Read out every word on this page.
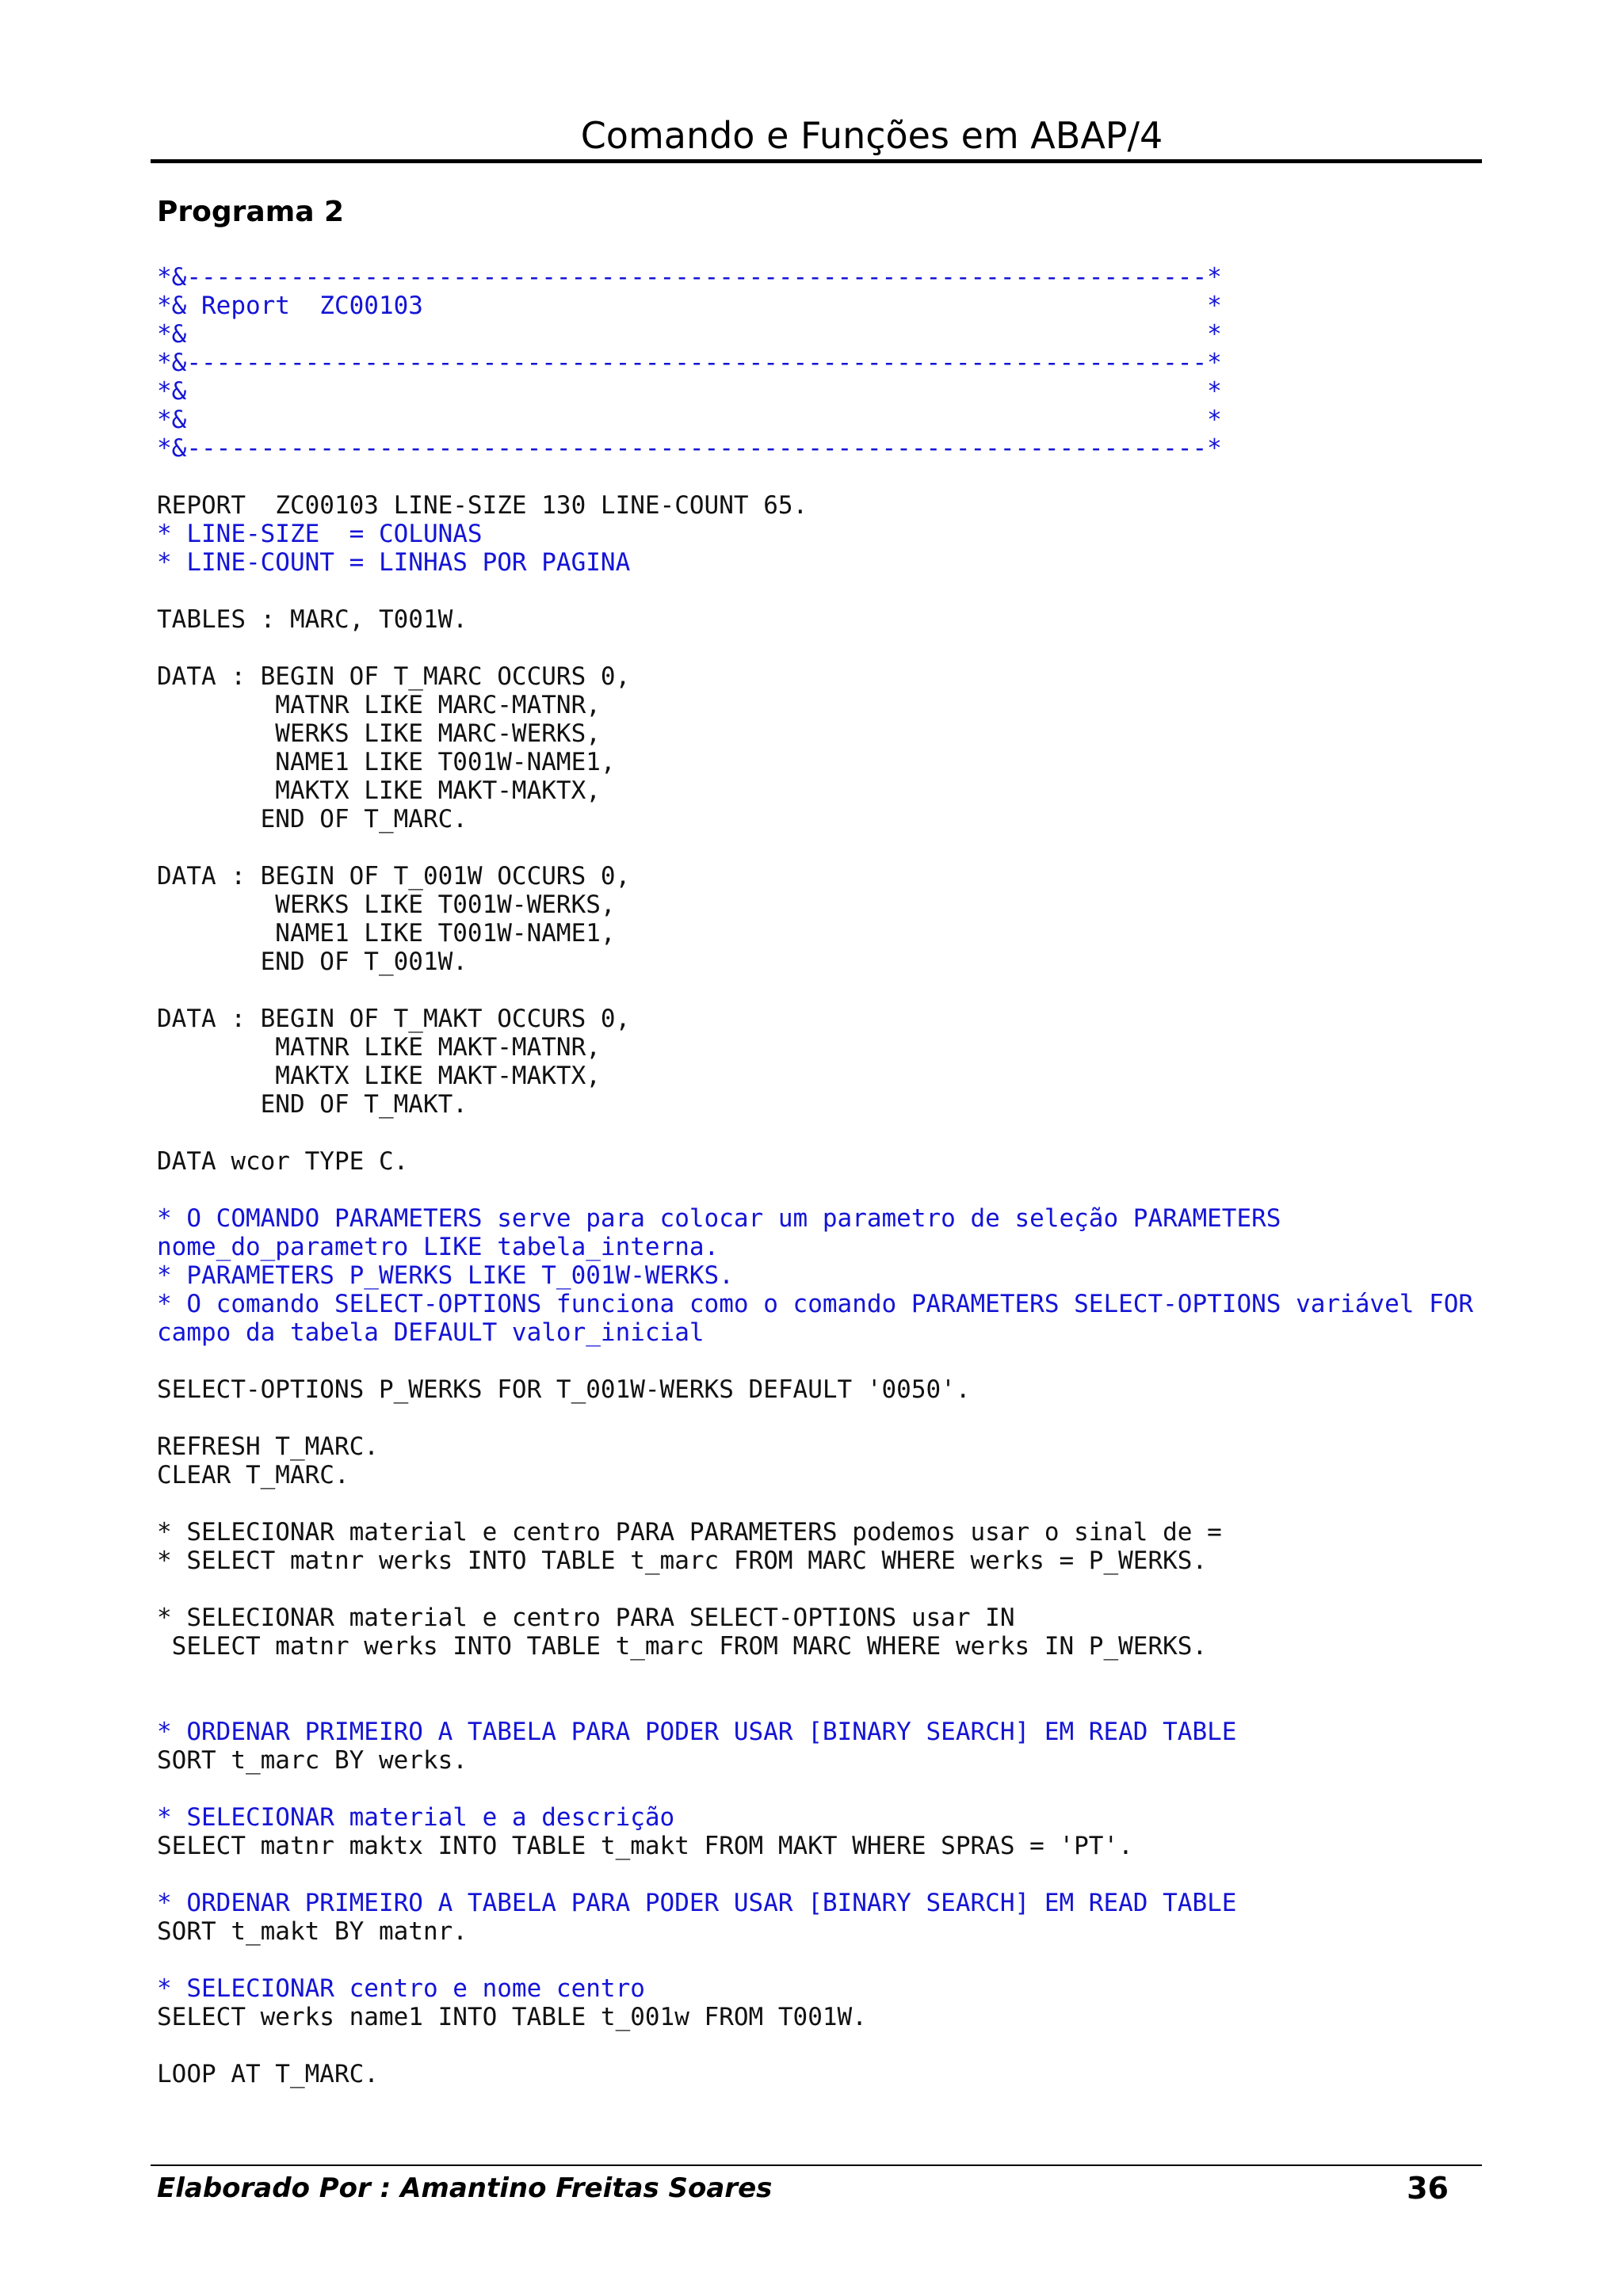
Comando e Funções em ABAP/4
Programa 2
*&---------------------------------------------------------------------*
*& Report  ZC00103                                                     *
*&                                                                     *
*&---------------------------------------------------------------------*
*&                                                                     *
*&                                                                     *
*&---------------------------------------------------------------------*
REPORT  ZC00103 LINE-SIZE 130 LINE-COUNT 65.
* LINE-SIZE  = COLUNAS
* LINE-COUNT = LINHAS POR PAGINA
TABLES : MARC, T001W.
DATA : BEGIN OF T_MARC OCCURS 0,
MATNR LIKE MARC-MATNR,
WERKS LIKE MARC-WERKS,
NAME1 LIKE T001W-NAME1,
MAKTX LIKE MAKT-MAKTX,
END OF T_MARC.
DATA : BEGIN OF T_001W OCCURS 0,
WERKS LIKE T001W-WERKS,
NAME1 LIKE T001W-NAME1,
END OF T_001W.
DATA : BEGIN OF T_MAKT OCCURS 0,
MATNR LIKE MAKT-MATNR,
MAKTX LIKE MAKT-MAKTX,
END OF T_MAKT.
DATA wcor TYPE C.
* O COMANDO PARAMETERS serve para colocar um parametro de seleção PARAMETERS
nome_do_parametro LIKE tabela_interna.
* PARAMETERS P_WERKS LIKE T_001W-WERKS.
* O comando SELECT-OPTIONS funciona como o comando PARAMETERS SELECT-OPTIONS variável FOR
campo da tabela DEFAULT valor_inicial
SELECT-OPTIONS P_WERKS FOR T_001W-WERKS DEFAULT '0050'.
REFRESH T_MARC.
CLEAR T_MARC.
* SELECIONAR material e centro PARA PARAMETERS podemos usar o sinal de =
* SELECT matnr werks INTO TABLE t_marc FROM MARC WHERE werks = P_WERKS.
* SELECIONAR material e centro PARA SELECT-OPTIONS usar IN
SELECT matnr werks INTO TABLE t_marc FROM MARC WHERE werks IN P_WERKS.
* ORDENAR PRIMEIRO A TABELA PARA PODER USAR [BINARY SEARCH] EM READ TABLE
SORT t_marc BY werks.
* SELECIONAR material e a descrição
SELECT matnr maktx INTO TABLE t_makt FROM MAKT WHERE SPRAS = 'PT'.
* ORDENAR PRIMEIRO A TABELA PARA PODER USAR [BINARY SEARCH] EM READ TABLE
SORT t_makt BY matnr.
* SELECIONAR centro e nome centro
SELECT werks name1 INTO TABLE t_001w FROM T001W.
LOOP AT T_MARC.
Elaborado Por : Amantino Freitas Soares	36
